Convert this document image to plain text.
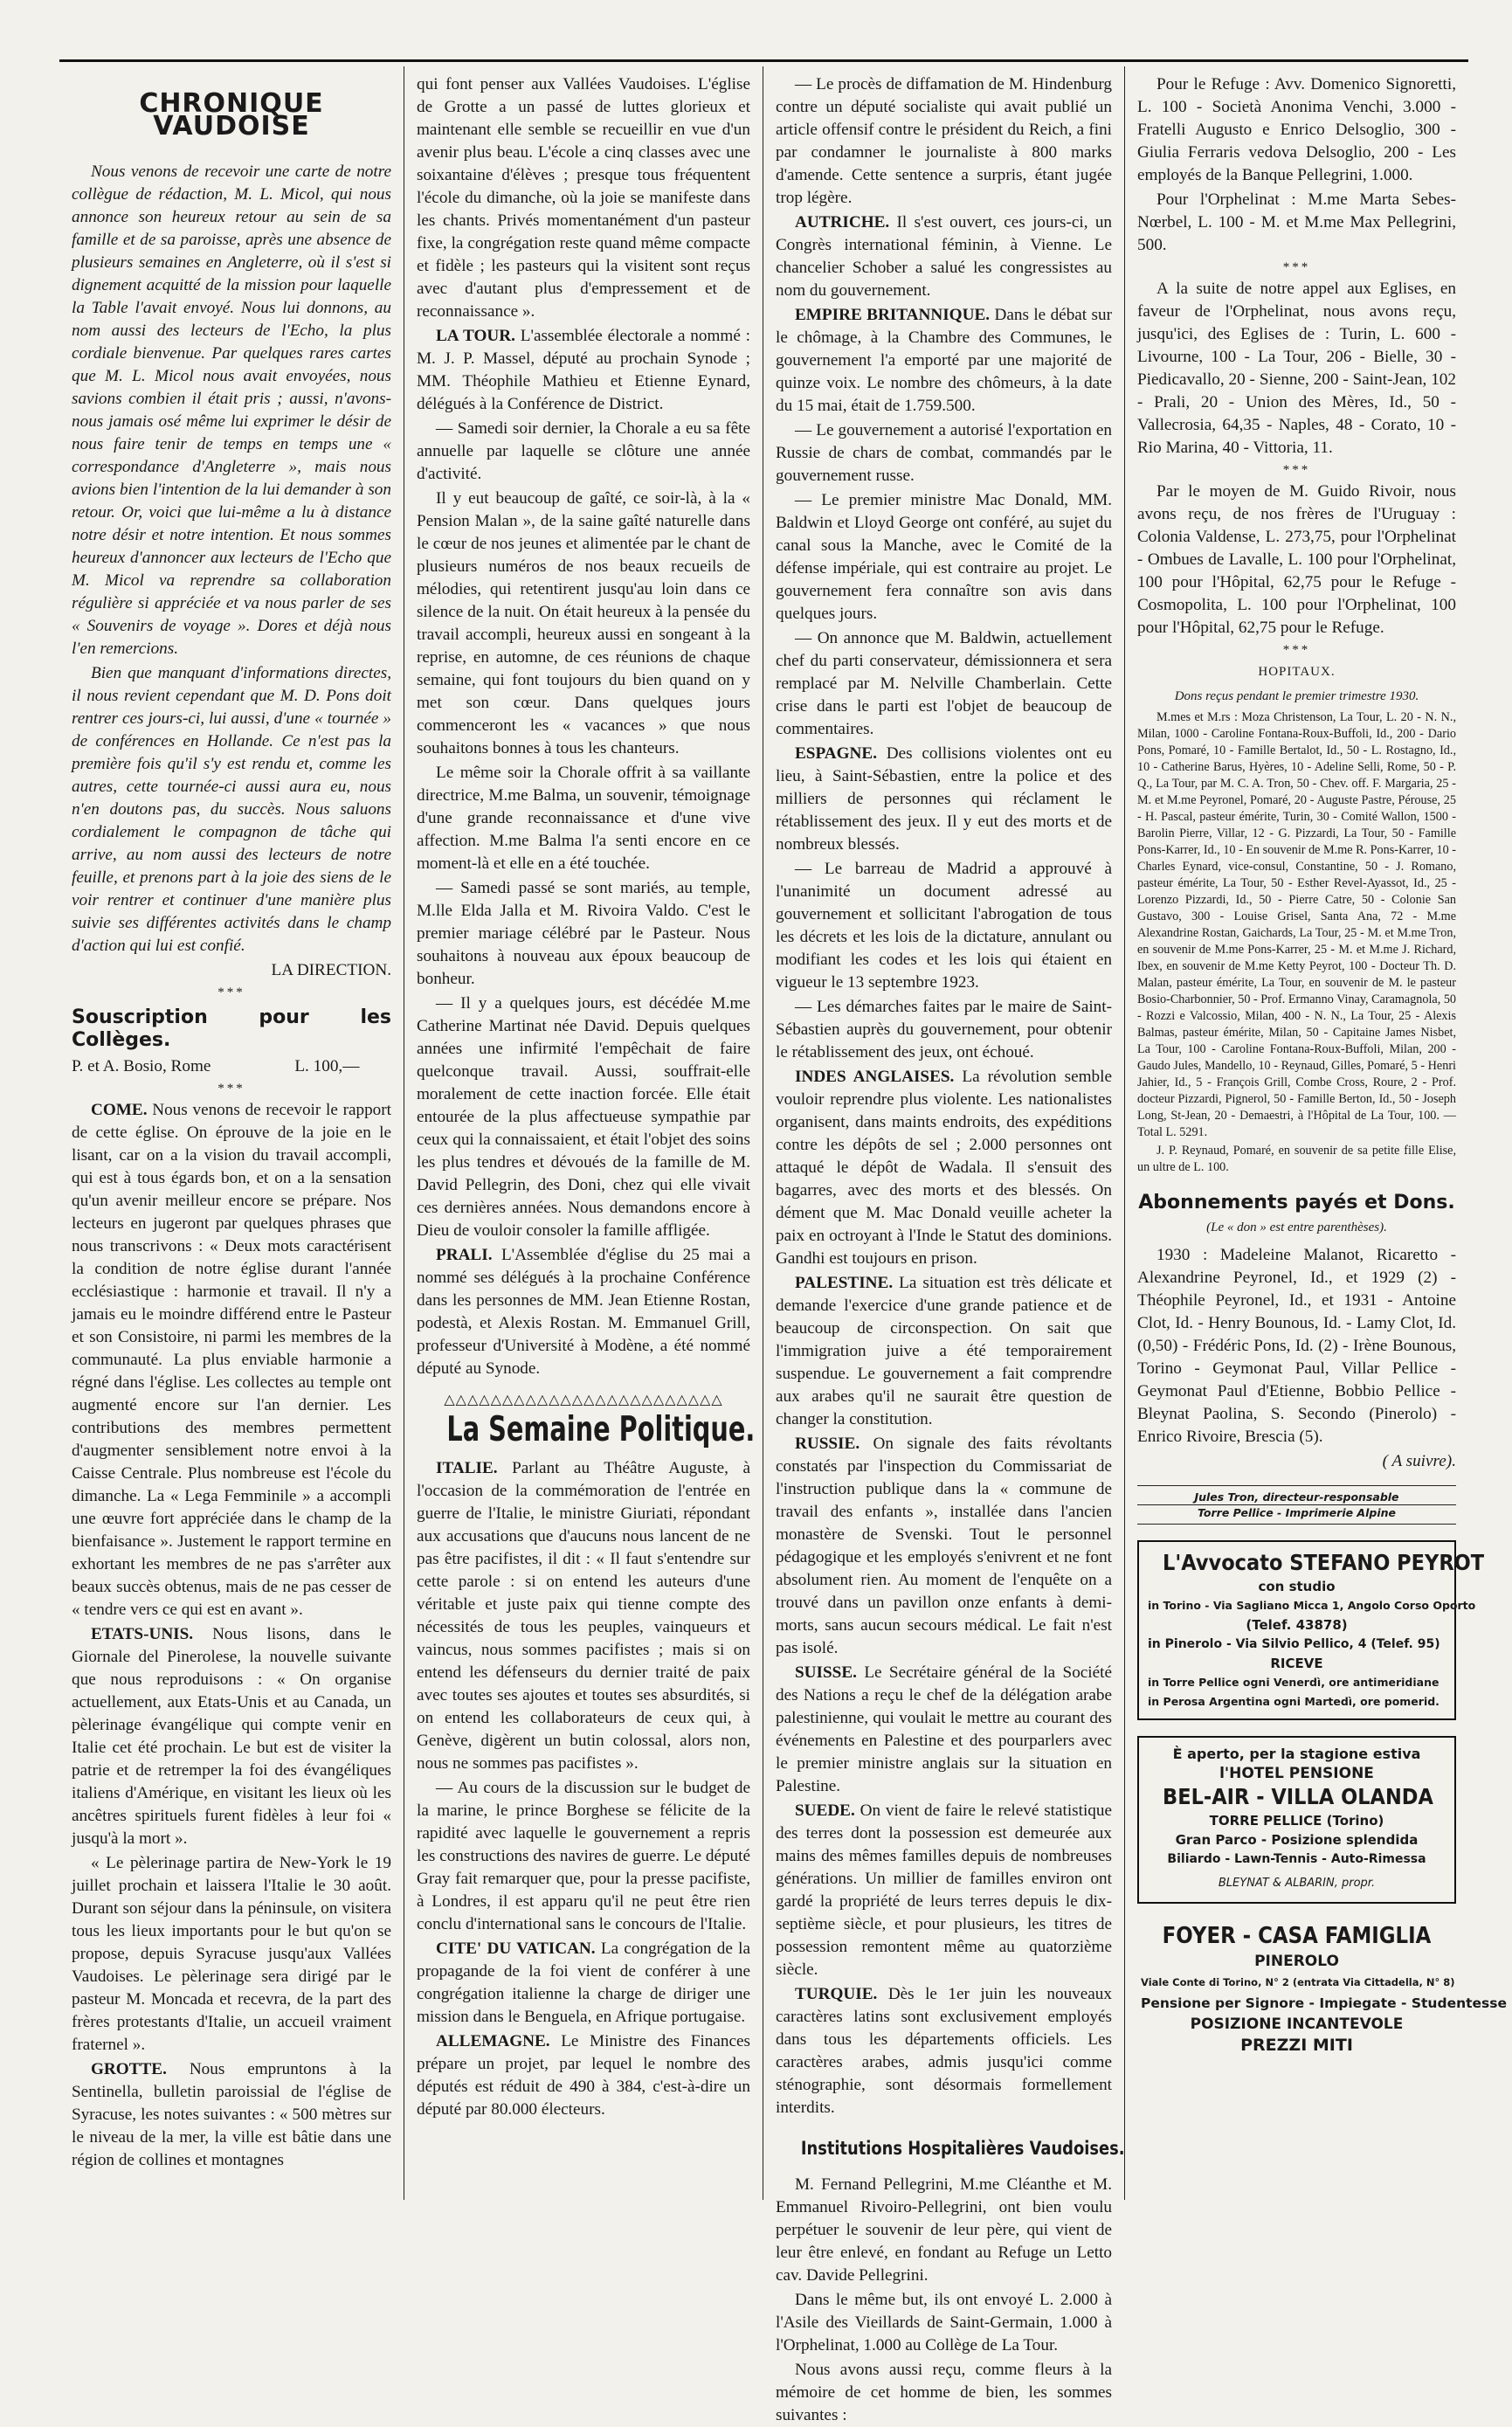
CHRONIQUE VAUDOISE

Nous venons de recevoir une carte de notre collègue de rédaction, M. L. Micol, qui nous annonce son heureux retour au sein de sa famille et de sa paroisse, après une absence de plusieurs semaines en Angleterre, où il s'est si dignement acquitté de la mission pour laquelle la Table l'avait envoyé. Nous lui donnons, au nom aussi des lecteurs de l'Echo, la plus cordiale bienvenue. Par quelques rares cartes que M. L. Micol nous avait envoyées, nous savions combien il était pris ; aussi, n'avons-nous jamais osé même lui exprimer le désir de nous faire tenir de temps en temps une « correspondance d'Angleterre », mais nous avions bien l'intention de la lui demander à son retour. Or, voici que lui-même a lu à distance notre désir et notre intention. Et nous sommes heureux d'annoncer aux lecteurs de l'Echo que M. Micol va reprendre sa collaboration régulière si appréciée et va nous parler de ses « Souvenirs de voyage ». Dores et déjà nous l'en remercions.

Bien que manquant d'informations directes, il nous revient cependant que M. D. Pons doit rentrer ces jours-ci, lui aussi, d'une « tournée » de conférences en Hollande. Ce n'est pas la première fois qu'il s'y est rendu et, comme les autres, cette tournée-ci aussi aura eu, nous n'en doutons pas, du succès. Nous saluons cordialement le compagnon de tâche qui arrive, au nom aussi des lecteurs de notre feuille, et prenons part à la joie des siens de le voir rentrer et continuer d'une manière plus suivie ses différentes activités dans le champ d'action qui lui est confié.

LA DIRECTION.

***

Souscription pour les Collèges.

P. et A. Bosio, Rome                    L. 100,—

***

COME. Nous venons de recevoir le rapport de cette église. On éprouve de la joie en le lisant, car on a la vision du travail accompli, qui est à tous égards bon, et on a la sensation qu'un avenir meilleur encore se prépare. Nos lecteurs en jugeront par quelques phrases que nous transcrivons : « Deux mots caractérisent la condition de notre église durant l'année ecclésiastique : harmonie et travail. Il n'y a jamais eu le moindre différend entre le Pasteur et son Consistoire, ni parmi les membres de la communauté. La plus enviable harmonie a régné dans l'église. Les collectes au temple ont augmenté encore sur l'an dernier. Les contributions des membres permettent d'augmenter sensiblement notre envoi à la Caisse Centrale. Plus nombreuse est l'école du dimanche. La « Lega Femminile » a accompli une œuvre fort appréciée dans le champ de la bienfaisance ». Justement le rapport termine en exhortant les membres de ne pas s'arrêter aux beaux succès obtenus, mais de ne pas cesser de « tendre vers ce qui est en avant ».

ETATS-UNIS. Nous lisons, dans le Giornale del Pinerolese, la nouvelle suivante que nous reproduisons : « On organise actuellement, aux Etats-Unis et au Canada, un pèlerinage évangélique qui compte venir en Italie cet été prochain. Le but est de visiter la patrie et de retremper la foi des évangéliques italiens d'Amérique, en visitant les lieux où les ancêtres spirituels furent fidèles à leur foi « jusqu'à la mort ».

« Le pèlerinage partira de New-York le 19 juillet prochain et laissera l'Italie le 30 août. Durant son séjour dans la péninsule, on visitera tous les lieux importants pour le but qu'on se propose, depuis Syracuse jusqu'aux Vallées Vaudoises. Le pèlerinage sera dirigé par le pasteur M. Moncada et recevra, de la part des frères protestants d'Italie, un accueil vraiment fraternel ».

GROTTE. Nous empruntons à la Sentinella, bulletin paroissial de l'église de Syracuse, les notes suivantes : « 500 mètres sur le niveau de la mer, la ville est bâtie dans une région de collines et montagnes

qui font penser aux Vallées Vaudoises. L'église de Grotte a un passé de luttes glorieux et maintenant elle semble se recueillir en vue d'un avenir plus beau. L'école a cinq classes avec une soixantaine d'élèves ; presque tous fréquentent l'école du dimanche, où la joie se manifeste dans les chants. Privés momentanément d'un pasteur fixe, la congrégation reste quand même compacte et fidèle ; les pasteurs qui la visitent sont reçus avec d'autant plus d'empressement et de reconnaissance ».

LA TOUR. L'assemblée électorale a nommé : M. J. P. Massel, député au prochain Synode ; MM. Théophile Mathieu et Etienne Eynard, délégués à la Conférence de District.

— Samedi soir dernier, la Chorale a eu sa fête annuelle par laquelle se clôture une année d'activité.

Il y eut beaucoup de gaîté, ce soir-là, à la « Pension Malan », de la saine gaîté naturelle dans le cœur de nos jeunes et alimentée par le chant de plusieurs numéros de nos beaux recueils de mélodies, qui retentirent jusqu'au loin dans ce silence de la nuit. On était heureux à la pensée du travail accompli, heureux aussi en songeant à la reprise, en automne, de ces réunions de chaque semaine, qui font toujours du bien quand on y met son cœur. Dans quelques jours commenceront les « vacances » que nous souhaitons bonnes à tous les chanteurs.

Le même soir la Chorale offrit à sa vaillante directrice, M.me Balma, un souvenir, témoignage d'une grande reconnaissance et d'une vive affection. M.me Balma l'a senti encore en ce moment-là et elle en a été touchée.

— Samedi passé se sont mariés, au temple, M.lle Elda Jalla et M. Rivoira Valdo. C'est le premier mariage célébré par le Pasteur. Nous souhaitons à nouveau aux époux beaucoup de bonheur.

— Il y a quelques jours, est décédée M.me Catherine Martinat née David. Depuis quelques années une infirmité l'empêchait de faire quelconque travail. Aussi, souffrait-elle moralement de cette inaction forcée. Elle était entourée de la plus affectueuse sympathie par ceux qui la connaissaient, et était l'objet des soins les plus tendres et dévoués de la famille de M. David Pellegrin, des Doni, chez qui elle vivait ces dernières années. Nous demandons encore à Dieu de vouloir consoler la famille affligée.

PRALI. L'Assemblée d'église du 25 mai a nommé ses délégués à la prochaine Conférence dans les personnes de MM. Jean Etienne Rostan, podestà, et Alexis Rostan. M. Emmanuel Grill, professeur d'Université à Modène, a été nommé député au Synode.

△△△△△△△△△△△△△△△△△△△△△△△△

La Semaine Politique.

ITALIE. Parlant au Théâtre Auguste, à l'occasion de la commémoration de l'entrée en guerre de l'Italie, le ministre Giuriati, répondant aux accusations que d'aucuns nous lancent de ne pas être pacifistes, il dit : « Il faut s'entendre sur cette parole : si on entend les auteurs d'une véritable et juste paix qui tienne compte des nécessités de tous les peuples, vainqueurs et vaincus, nous sommes pacifistes ; mais si on entend les défenseurs du dernier traité de paix avec toutes ses ajoutes et toutes ses absurdités, si on entend les collaborateurs de ceux qui, à Genève, digèrent un butin colossal, alors non, nous ne sommes pas pacifistes ».

— Au cours de la discussion sur le budget de la marine, le prince Borghese se félicite de la rapidité avec laquelle le gouvernement a repris les constructions des navires de guerre. Le député Gray fait remarquer que, pour la presse pacifiste, à Londres, il est apparu qu'il ne peut être rien conclu d'international sans le concours de l'Italie.

CITE' DU VATICAN. La congrégation de la propagande de la foi vient de conférer à une congrégation italienne la charge de diriger une mission dans le Benguela, en Afrique portugaise.

ALLEMAGNE. Le Ministre des Finances prépare un projet, par lequel le nombre des députés est réduit de 490 à 384, c'est-à-dire un député par 80.000 électeurs.

— Le procès de diffamation de M. Hindenburg contre un député socialiste qui avait publié un article offensif contre le président du Reich, a fini par condamner le journaliste à 800 marks d'amende. Cette sentence a surpris, étant jugée trop légère.

AUTRICHE. Il s'est ouvert, ces jours-ci, un Congrès international féminin, à Vienne. Le chancelier Schober a salué les congressistes au nom du gouvernement.

EMPIRE BRITANNIQUE. Dans le débat sur le chômage, à la Chambre des Communes, le gouvernement l'a emporté par une majorité de quinze voix. Le nombre des chômeurs, à la date du 15 mai, était de 1.759.500.

— Le gouvernement a autorisé l'exportation en Russie de chars de combat, commandés par le gouvernement russe.

— Le premier ministre Mac Donald, MM. Baldwin et Lloyd George ont conféré, au sujet du canal sous la Manche, avec le Comité de la défense impériale, qui est contraire au projet. Le gouvernement fera connaître son avis dans quelques jours.

— On annonce que M. Baldwin, actuellement chef du parti conservateur, démissionnera et sera remplacé par M. Nelville Chamberlain. Cette crise dans le parti est l'objet de beaucoup de commentaires.

ESPAGNE. Des collisions violentes ont eu lieu, à Saint-Sébastien, entre la police et des milliers de personnes qui réclament le rétablissement des jeux. Il y eut des morts et de nombreux blessés.

— Le barreau de Madrid a approuvé à l'unanimité un document adressé au gouvernement et sollicitant l'abrogation de tous les décrets et les lois de la dictature, annulant ou modifiant les codes et les lois qui étaient en vigueur le 13 septembre 1923.

— Les démarches faites par le maire de Saint-Sébastien auprès du gouvernement, pour obtenir le rétablissement des jeux, ont échoué.

INDES ANGLAISES. La révolution semble vouloir reprendre plus violente. Les nationalistes organisent, dans maints endroits, des expéditions contre les dépôts de sel ; 2.000 personnes ont attaqué le dépôt de Wadala. Il s'ensuit des bagarres, avec des morts et des blessés. On dément que M. Mac Donald veuille acheter la paix en octroyant à l'Inde le Statut des dominions. Gandhi est toujours en prison.

PALESTINE. La situation est très délicate et demande l'exercice d'une grande patience et de beaucoup de circonspection. On sait que l'immigration juive a été temporairement suspendue. Le gouvernement a fait comprendre aux arabes qu'il ne saurait être question de changer la constitution.

RUSSIE. On signale des faits révoltants constatés par l'inspection du Commissariat de l'instruction publique dans la « commune de travail des enfants », installée dans l'ancien monastère de Svenski. Tout le personnel pédagogique et les employés s'enivrent et ne font absolument rien. Au moment de l'enquête on a trouvé dans un pavillon onze enfants à demi-morts, sans aucun secours médical. Le fait n'est pas isolé.

SUISSE. Le Secrétaire général de la Société des Nations a reçu le chef de la délégation arabe palestinienne, qui voulait le mettre au courant des événements en Palestine et des pourparlers avec le premier ministre anglais sur la situation en Palestine.

SUEDE. On vient de faire le relevé statistique des terres dont la possession est demeurée aux mains des mêmes familles depuis de nombreuses générations. Un millier de familles environ ont gardé la propriété de leurs terres depuis le dix-septième siècle, et pour plusieurs, les titres de possession remontent même au quatorzième siècle.

TURQUIE. Dès le 1er juin les nouveaux caractères latins sont exclusivement employés dans tous les départements officiels. Les caractères arabes, admis jusqu'ici comme sténographie, sont désormais formellement interdits.

Institutions Hospitalières Vaudoises.

M. Fernand Pellegrini, M.me Cléanthe et M. Emmanuel Rivoiro-Pellegrini, ont bien voulu perpétuer le souvenir de leur père, qui vient de leur être enlevé, en fondant au Refuge un Letto cav. Davide Pellegrini.

Dans le même but, ils ont envoyé L. 2.000 à l'Asile des Vieillards de Saint-Germain, 1.000 à l'Orphelinat, 1.000 au Collège de La Tour.

Nous avons aussi reçu, comme fleurs à la mémoire de cet homme de bien, les sommes suivantes :

Pour le Refuge : Avv. Domenico Signoretti, L. 100 - Società Anonima Venchi, 3.000 - Fratelli Augusto e Enrico Delsoglio, 300 - Giulia Ferraris vedova Delsoglio, 200 - Les employés de la Banque Pellegrini, 1.000.

Pour l'Orphelinat : M.me Marta Sebes-Nœrbel, L. 100 - M. et M.me Max Pellegrini, 500.

***

A la suite de notre appel aux Eglises, en faveur de l'Orphelinat, nous avons reçu, jusqu'ici, des Eglises de : Turin, L. 600 - Livourne, 100 - La Tour, 206 - Bielle, 30 - Piedicavallo, 20 - Sienne, 200 - Saint-Jean, 102 - Prali, 20 - Union des Mères, Id., 50 - Vallecrosia, 64,35 - Naples, 48 - Corato, 10 - Rio Marina, 40 - Vittoria, 11.

***

Par le moyen de M. Guido Rivoir, nous avons reçu, de nos frères de l'Uruguay : Colonia Valdense, L. 273,75, pour l'Orphelinat - Ombues de Lavalle, L. 100 pour l'Orphelinat, 100 pour l'Hôpital, 62,75 pour le Refuge - Cosmopolita, L. 100 pour l'Orphelinat, 100 pour l'Hôpital, 62,75 pour le Refuge.

***

HOPITAUX.

Dons reçus pendant le premier trimestre 1930.

M.mes et M.rs : Moza Christenson, La Tour, L. 20 - N. N., Milan, 1000 - Caroline Fontana-Roux-Buffoli, Id., 200 - Dario Pons, Pomaré, 10 - Famille Bertalot, Id., 50 - L. Rostagno, Id., 10 - Catherine Barus, Hyères, 10 - Adeline Selli, Rome, 50 - P. Q., La Tour, par M. C. A. Tron, 50 - Chev. off. F. Margaria, 25 - M. et M.me Peyronel, Pomaré, 20 - Auguste Pastre, Pérouse, 25 - H. Pascal, pasteur émérite, Turin, 30 - Comité Wallon, 1500 - Barolin Pierre, Villar, 12 - G. Pizzardi, La Tour, 50 - Famille Pons-Karrer, Id., 10 - En souvenir de M.me R. Pons-Karrer, 10 - Charles Eynard, vice-consul, Constantine, 50 - J. Romano, pasteur émérite, La Tour, 50 - Esther Revel-Ayassot, Id., 25 - Lorenzo Pizzardi, Id., 50 - Pierre Catre, 50 - Colonie San Gustavo, 300 - Louise Grisel, Santa Ana, 72 - M.me Alexandrine Rostan, Gaichards, La Tour, 25 - M. et M.me Tron, en souvenir de M.me Pons-Karrer, 25 - M. et M.me J. Richard, Ibex, en souvenir de M.me Ketty Peyrot, 100 - Docteur Th. D. Malan, pasteur émérite, La Tour, en souvenir de M. le pasteur Bosio-Charbonnier, 50 - Prof. Ermanno Vinay, Caramagnola, 50 - Rozzi e Valcossio, Milan, 400 - N. N., La Tour, 25 - Alexis Balmas, pasteur émérite, Milan, 50 - Capitaine James Nisbet, La Tour, 100 - Caroline Fontana-Roux-Buffoli, Milan, 200 - Gaudo Jules, Mandello, 10 - Reynaud, Gilles, Pomaré, 5 - Henri Jahier, Id., 5 - François Grill, Combe Cross, Roure, 2 - Prof. docteur Pizzardi, Pignerol, 50 - Famille Berton, Id., 50 - Joseph Long, St-Jean, 20 - Demaestri, à l'Hôpital de La Tour, 100. — Total L. 5291.

J. P. Reynaud, Pomaré, en souvenir de sa petite fille Elise, un ultre de L. 100.

Abonnements payés et Dons.

(Le « don » est entre parenthèses).

1930 : Madeleine Malanot, Ricaretto - Alexandrine Peyronel, Id., et 1929 (2) - Théophile Peyronel, Id., et 1931 - Antoine Clot, Id. - Henry Bounous, Id. - Lamy Clot, Id. (0,50) - Frédéric Pons, Id. (2) - Irène Bounous, Torino - Geymonat Paul, Villar Pellice - Geymonat Paul d'Etienne, Bobbio Pellice - Bleynat Paolina, S. Secondo (Pinerolo) - Enrico Rivoire, Brescia (5).

( A suivre).

Jules Tron, directeur-responsable
Torre Pellice - Imprimerie Alpine
L'Avvocato STEFANO PEYROT
con studio
in Torino - Via Sagliano Micca 1, Angolo Corso Oporto
(Telef. 43878)
in Pinerolo - Via Silvio Pellico, 4 (Telef. 95)
RICEVE
in Torre Pellice ogni Venerdì, ore antimeridiane
in Perosa Argentina ogni Martedì, ore pomerid.
È aperto, per la stagione estiva
l'HOTEL PENSIONE
BEL-AIR - VILLA OLANDA
TORRE PELLICE (Torino)
Gran Parco - Posizione splendida
Biliardo - Lawn-Tennis - Auto-Rimessa
BLEYNAT & ALBARIN, propr.
FOYER - CASA FAMIGLIA
PINEROLO
Viale Conte di Torino, N° 2 (entrata Via Cittadella, N° 8)
Pensione per Signore - Impiegate - Studentesse
POSIZIONE INCANTEVOLE
PREZZI MITI
